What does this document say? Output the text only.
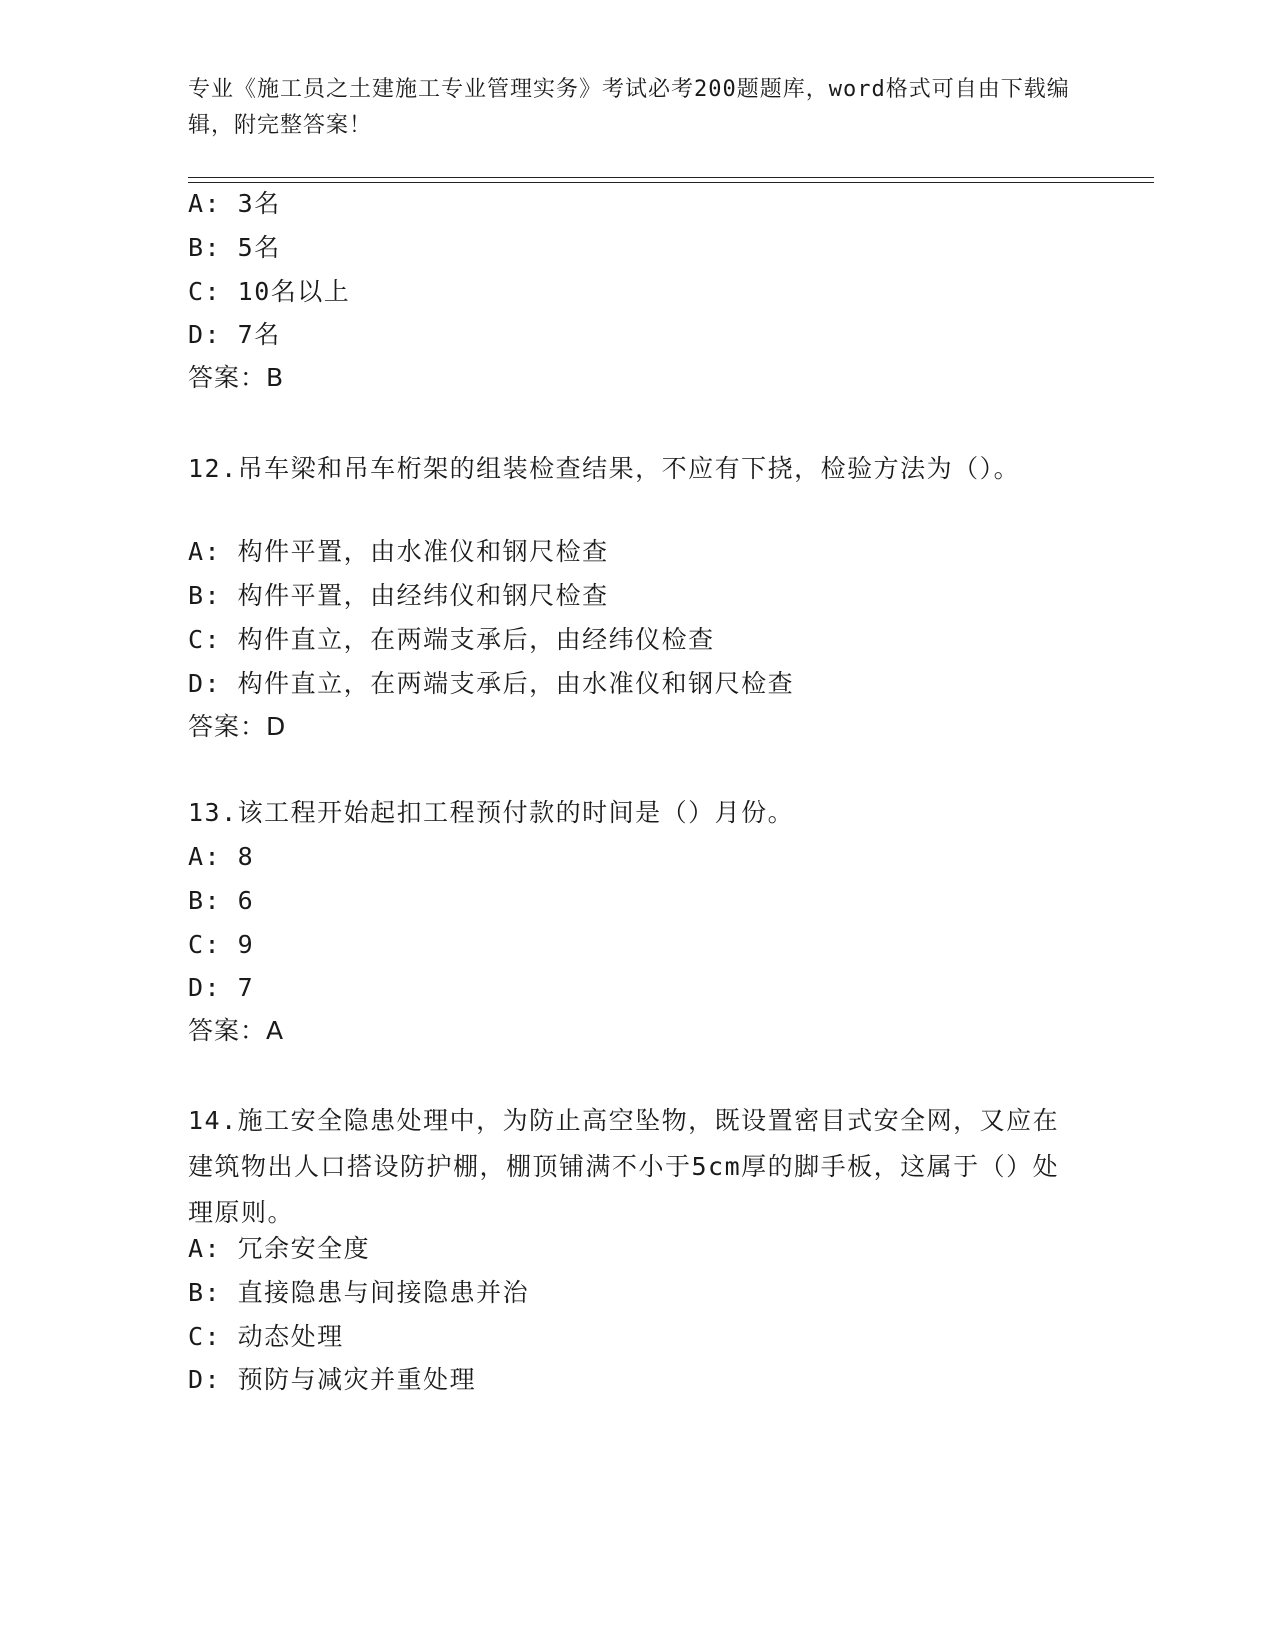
专业《施工员之土建施工专业管理实务》考试必考200题题库，word格式可自由下载编辑，附完整答案！
A: 3名
B: 5名
C: 10名以上
D: 7名
答案：B
12.吊车梁和吊车桁架的组装检查结果，不应有下挠，检验方法为（）。
A: 构件平置，由水准仪和钢尺检查
B: 构件平置，由经纬仪和钢尺检查
C: 构件直立，在两端支承后，由经纬仪检查
D: 构件直立，在两端支承后，由水准仪和钢尺检查
答案：D
13.该工程开始起扣工程预付款的时间是（）月份。
A: 8
B: 6
C: 9
D: 7
答案：A
14.施工安全隐患处理中，为防止高空坠物，既设置密目式安全网，又应在建筑物出人口搭设防护棚，棚顶铺满不小于5cm厚的脚手板，这属于（）处理原则。
A: 冗余安全度
B: 直接隐患与间接隐患并治
C: 动态处理
D: 预防与减灾并重处理
